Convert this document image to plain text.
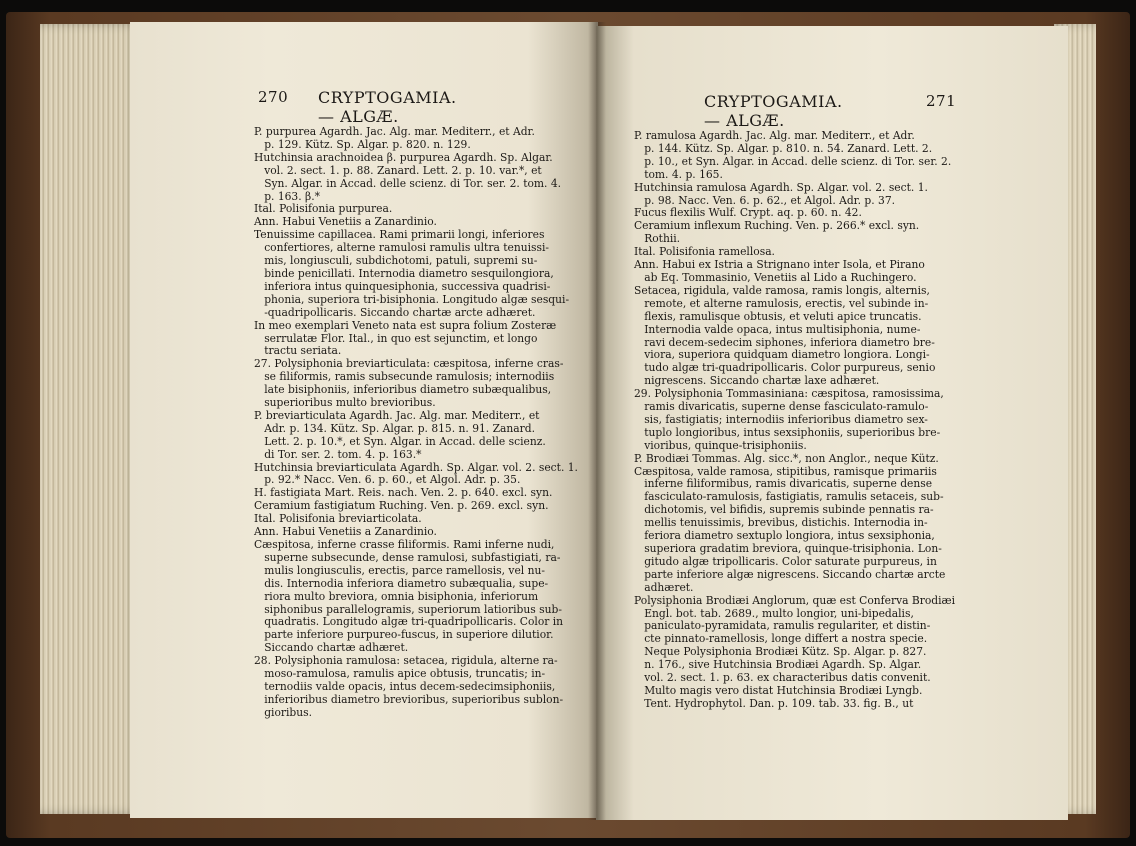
270 CRYPTOGAMIA. — ALGÆ.
P. purpurea Agardh. Jac. Alg. mar. Mediterr., et Adr.
p. 129. Kütz. Sp. Algar. p. 820. n. 129.
Hutchinsia arachnoidea β. purpurea Agardh. Sp. Algar.
vol. 2. sect. 1. p. 88. Zanard. Lett. 2. p. 10. var.*, et
Syn. Algar. in Accad. delle scienz. di Tor. ser. 2. tom. 4.
p. 163. β.*
Ital. Polisifonia purpurea.
Ann. Habui Venetiis a Zanardinio.
Tenuissime capillacea. Rami primarii longi, inferiores
confertiores, alterne ramulosi ramulis ultra tenuissi-
mis, longiusculi, subdichotomi, patuli, supremi su-
binde penicillati. Internodia diametro sesquilongiora,
inferiora intus quinquesiphonia, successiva quadrisi-
phonia, superiora tri-bisiphonia. Longitudo algæ sesqui-
-quadripollicaris. Siccando chartæ arcte adhæret.
In meo exemplari Veneto nata est supra folium Zosteræ
serrulatæ Flor. Ital., in quo est sejunctim, et longo
tractu seriata.
27. Polysiphonia breviarticulata: cæspitosa, inferne cras-
se filiformis, ramis subsecunde ramulosis; internodiis
late bisiphoniis, inferioribus diametro subæqualibus,
superioribus multo brevioribus.
P. breviarticulata Agardh. Jac. Alg. mar. Mediterr., et
Adr. p. 134. Kütz. Sp. Algar. p. 815. n. 91. Zanard.
Lett. 2. p. 10.*, et Syn. Algar. in Accad. delle scienz.
di Tor. ser. 2. tom. 4. p. 163.*
Hutchinsia breviarticulata Agardh. Sp. Algar. vol. 2. sect. 1.
p. 92.* Nacc. Ven. 6. p. 60., et Algol. Adr. p. 35.
H. fastigiata Mart. Reis. nach. Ven. 2. p. 640. excl. syn.
Ceramium fastigiatum Ruching. Ven. p. 269. excl. syn.
Ital. Polisifonia breviarticolata.
Ann. Habui Venetiis a Zanardinio.
Cæspitosa, inferne crasse filiformis. Rami inferne nudi,
superne subsecunde, dense ramulosi, subfastigiati, ra-
mulis longiusculis, erectis, parce ramellosis, vel nu-
dis. Internodia inferiora diametro subæqualia, supe-
riora multo breviora, omnia bisiphonia, inferiorum
siphonibus parallelogramis, superiorum latioribus sub-
quadratis. Longitudo algæ tri-quadripollicaris. Color in
parte inferiore purpureo-fuscus, in superiore dilutior.
Siccando chartæ adhæret.
28. Polysiphonia ramulosa: setacea, rigidula, alterne ra-
moso-ramulosa, ramulis apice obtusis, truncatis; in-
ternodiis valde opacis, intus decem-sedecimsiphoniis,
inferioribus diametro brevioribus, superioribus sublon-
gioribus.
CRYPTOGAMIA. — ALGÆ.
271
P. ramulosa Agardh. Jac. Alg. mar. Mediterr., et Adr.
p. 144. Kütz. Sp. Algar. p. 810. n. 54. Zanard. Lett. 2.
p. 10., et Syn. Algar. in Accad. delle scienz. di Tor. ser. 2.
tom. 4. p. 165.
Hutchinsia ramulosa Agardh. Sp. Algar. vol. 2. sect. 1.
p. 98. Nacc. Ven. 6. p. 62., et Algol. Adr. p. 37.
Fucus flexilis Wulf. Crypt. aq. p. 60. n. 42.
Ceramium inflexum Ruching. Ven. p. 266.* excl. syn.
Rothii.
Ital. Polisifonia ramellosa.
Ann. Habui ex Istria a Strignano inter Isola, et Pirano
ab Eq. Tommasinio, Venetiis al Lido a Ruchingero.
Setacea, rigidula, valde ramosa, ramis longis, alternis,
remote, et alterne ramulosis, erectis, vel subinde in-
flexis, ramulisque obtusis, et veluti apice truncatis.
Internodia valde opaca, intus multisiphonia, nume-
ravi decem-sedecim siphones, inferiora diametro bre-
viora, superiora quidquam diametro longiora. Longi-
tudo algæ tri-quadripollicaris. Color purpureus, senio
nigrescens. Siccando chartæ laxe adhæret.
29. Polysiphonia Tommasiniana: cæspitosa, ramosissima,
ramis divaricatis, superne dense fasciculato-ramulo-
sis, fastigiatis; internodiis inferioribus diametro sex-
tuplo longioribus, intus sexsiphoniis, superioribus bre-
vioribus, quinque-trisiphoniis.
P. Brodiæi Tommas. Alg. sicc.*, non Anglor., neque Kütz.
Cæspitosa, valde ramosa, stipitibus, ramisque primariis
inferne filiformibus, ramis divaricatis, superne dense
fasciculato-ramulosis, fastigiatis, ramulis setaceis, sub-
dichotomis, vel bifidis, supremis subinde pennatis ra-
mellis tenuissimis, brevibus, distichis. Internodia in-
feriora diametro sextuplo longiora, intus sexsiphonia,
superiora gradatim breviora, quinque-trisiphonia. Lon-
gitudo algæ tripollicaris. Color saturate purpureus, in
parte inferiore algæ nigrescens. Siccando chartæ arcte
adhæret.
Polysiphonia Brodiæi Anglorum, quæ est Conferva Brodiæi
Engl. bot. tab. 2689., multo longior, uni-bipedalis,
paniculato-pyramidata, ramulis regulariter, et distin-
cte pinnato-ramellosis, longe differt a nostra specie.
Neque Polysiphonia Brodiæi Kütz. Sp. Algar. p. 827.
n. 176., sive Hutchinsia Brodiæi Agardh. Sp. Algar.
vol. 2. sect. 1. p. 63. ex characteribus datis convenit.
Multo magis vero distat Hutchinsia Brodiæi Lyngb.
Tent. Hydrophytol. Dan. p. 109. tab. 33. fig. B., ut
